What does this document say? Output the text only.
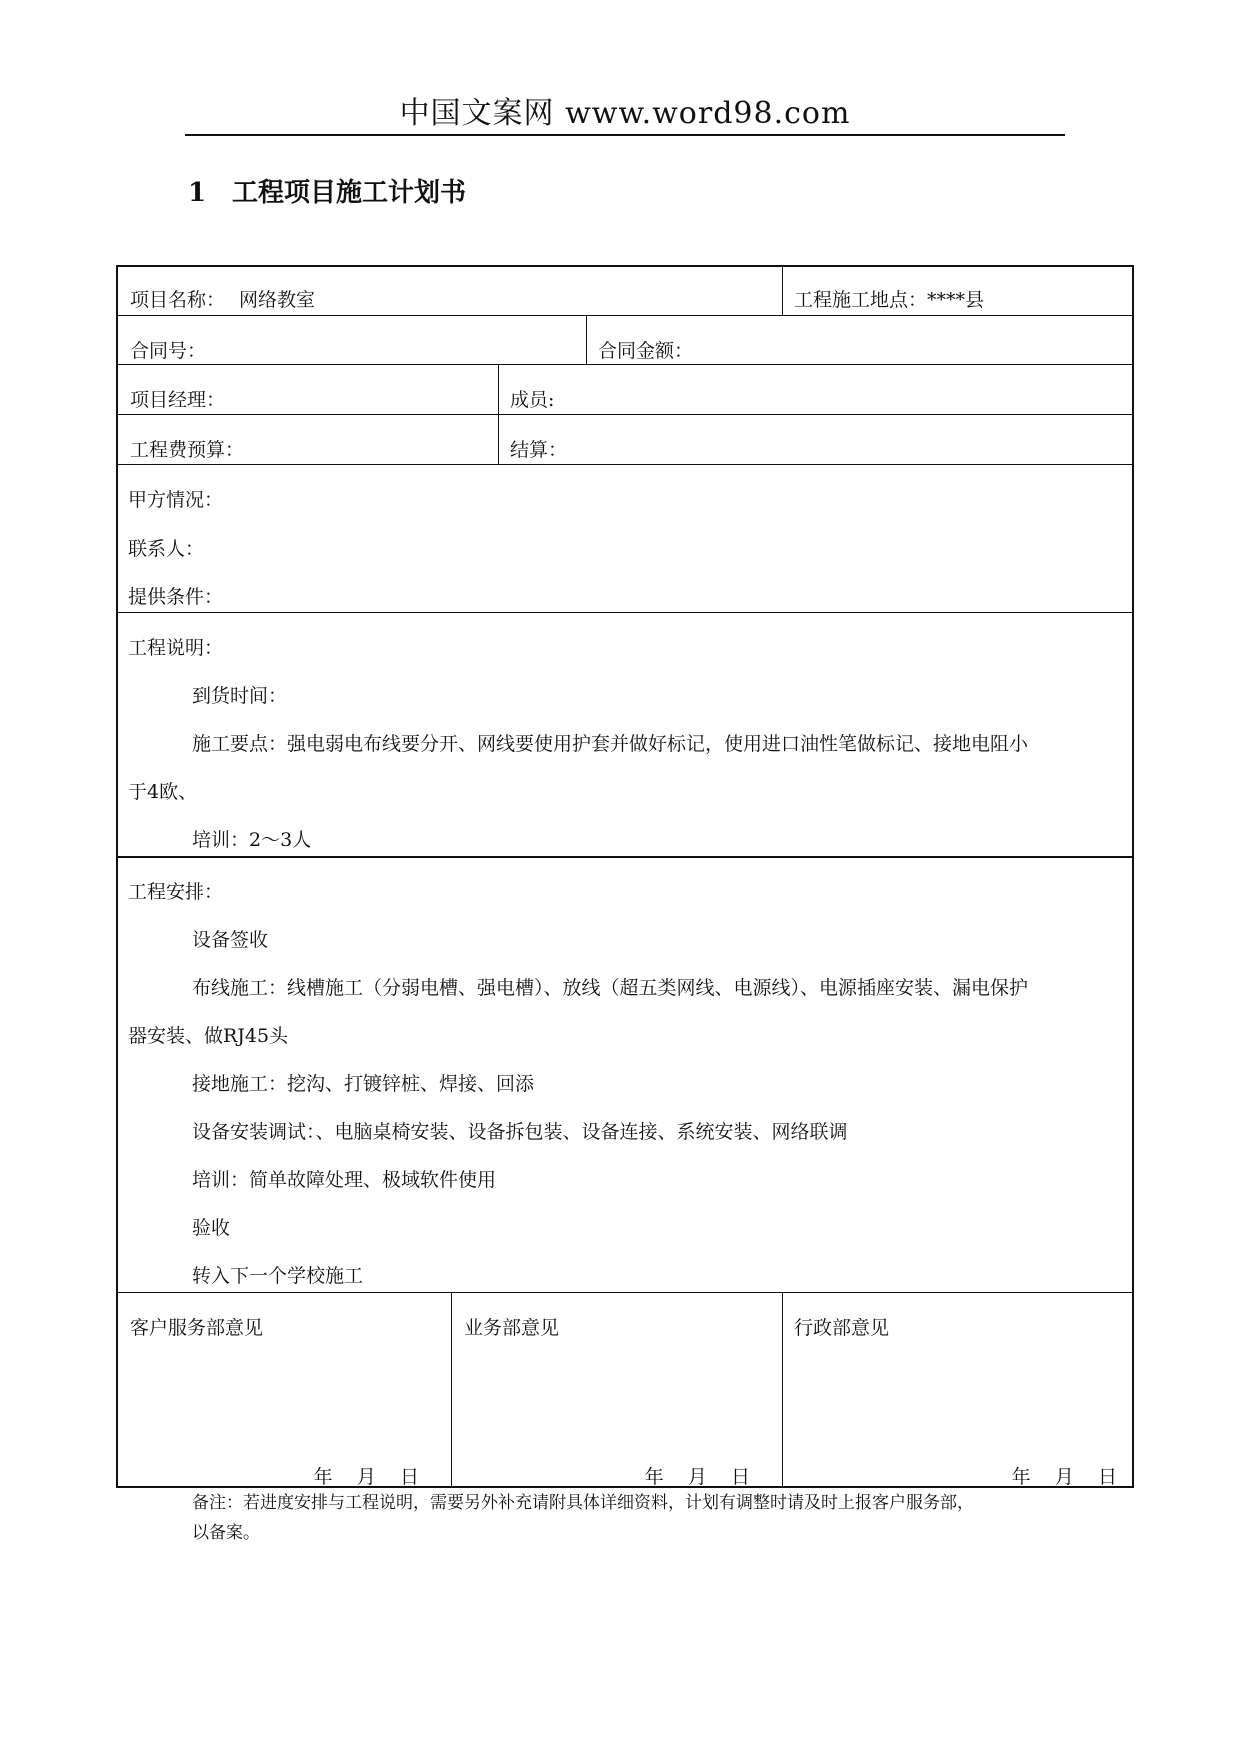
中国文案网 www.word98.com
1 工程项目施工计划书
项目名称： 网络教室	工程施工地点：****县
合同号：	合同金额：
项目经理：	成员:
工程费预算：	结算：
甲方情况：
联系人：
提供条件：
工程说明：
到货时间：
施工要点：强电弱电布线要分开、网线要使用护套并做好标记，使用进口油性笔做标记、接地电阻小
于4欧、
培训：2～3人
工程安排：
设备签收
布线施工：线槽施工（分弱电槽、强电槽）、放线（超五类网线、电源线）、电源插座安装、漏电保护
器安装、做RJ45头
接地施工：挖沟、打镀锌桩、焊接、回添
设备安装调试：、电脑桌椅安装、设备拆包装、设备连接、系统安装、网络联调
培训：简单故障处理、极域软件使用
验收
转入下一个学校施工
客户服务部意见	业务部意见	行政部意见
年    月    日	年    月    日	年    月    日
备注：若进度安排与工程说明，需要另外补充请附具体详细资料，计划有调整时请及时上报客户服务部，
以备案。
